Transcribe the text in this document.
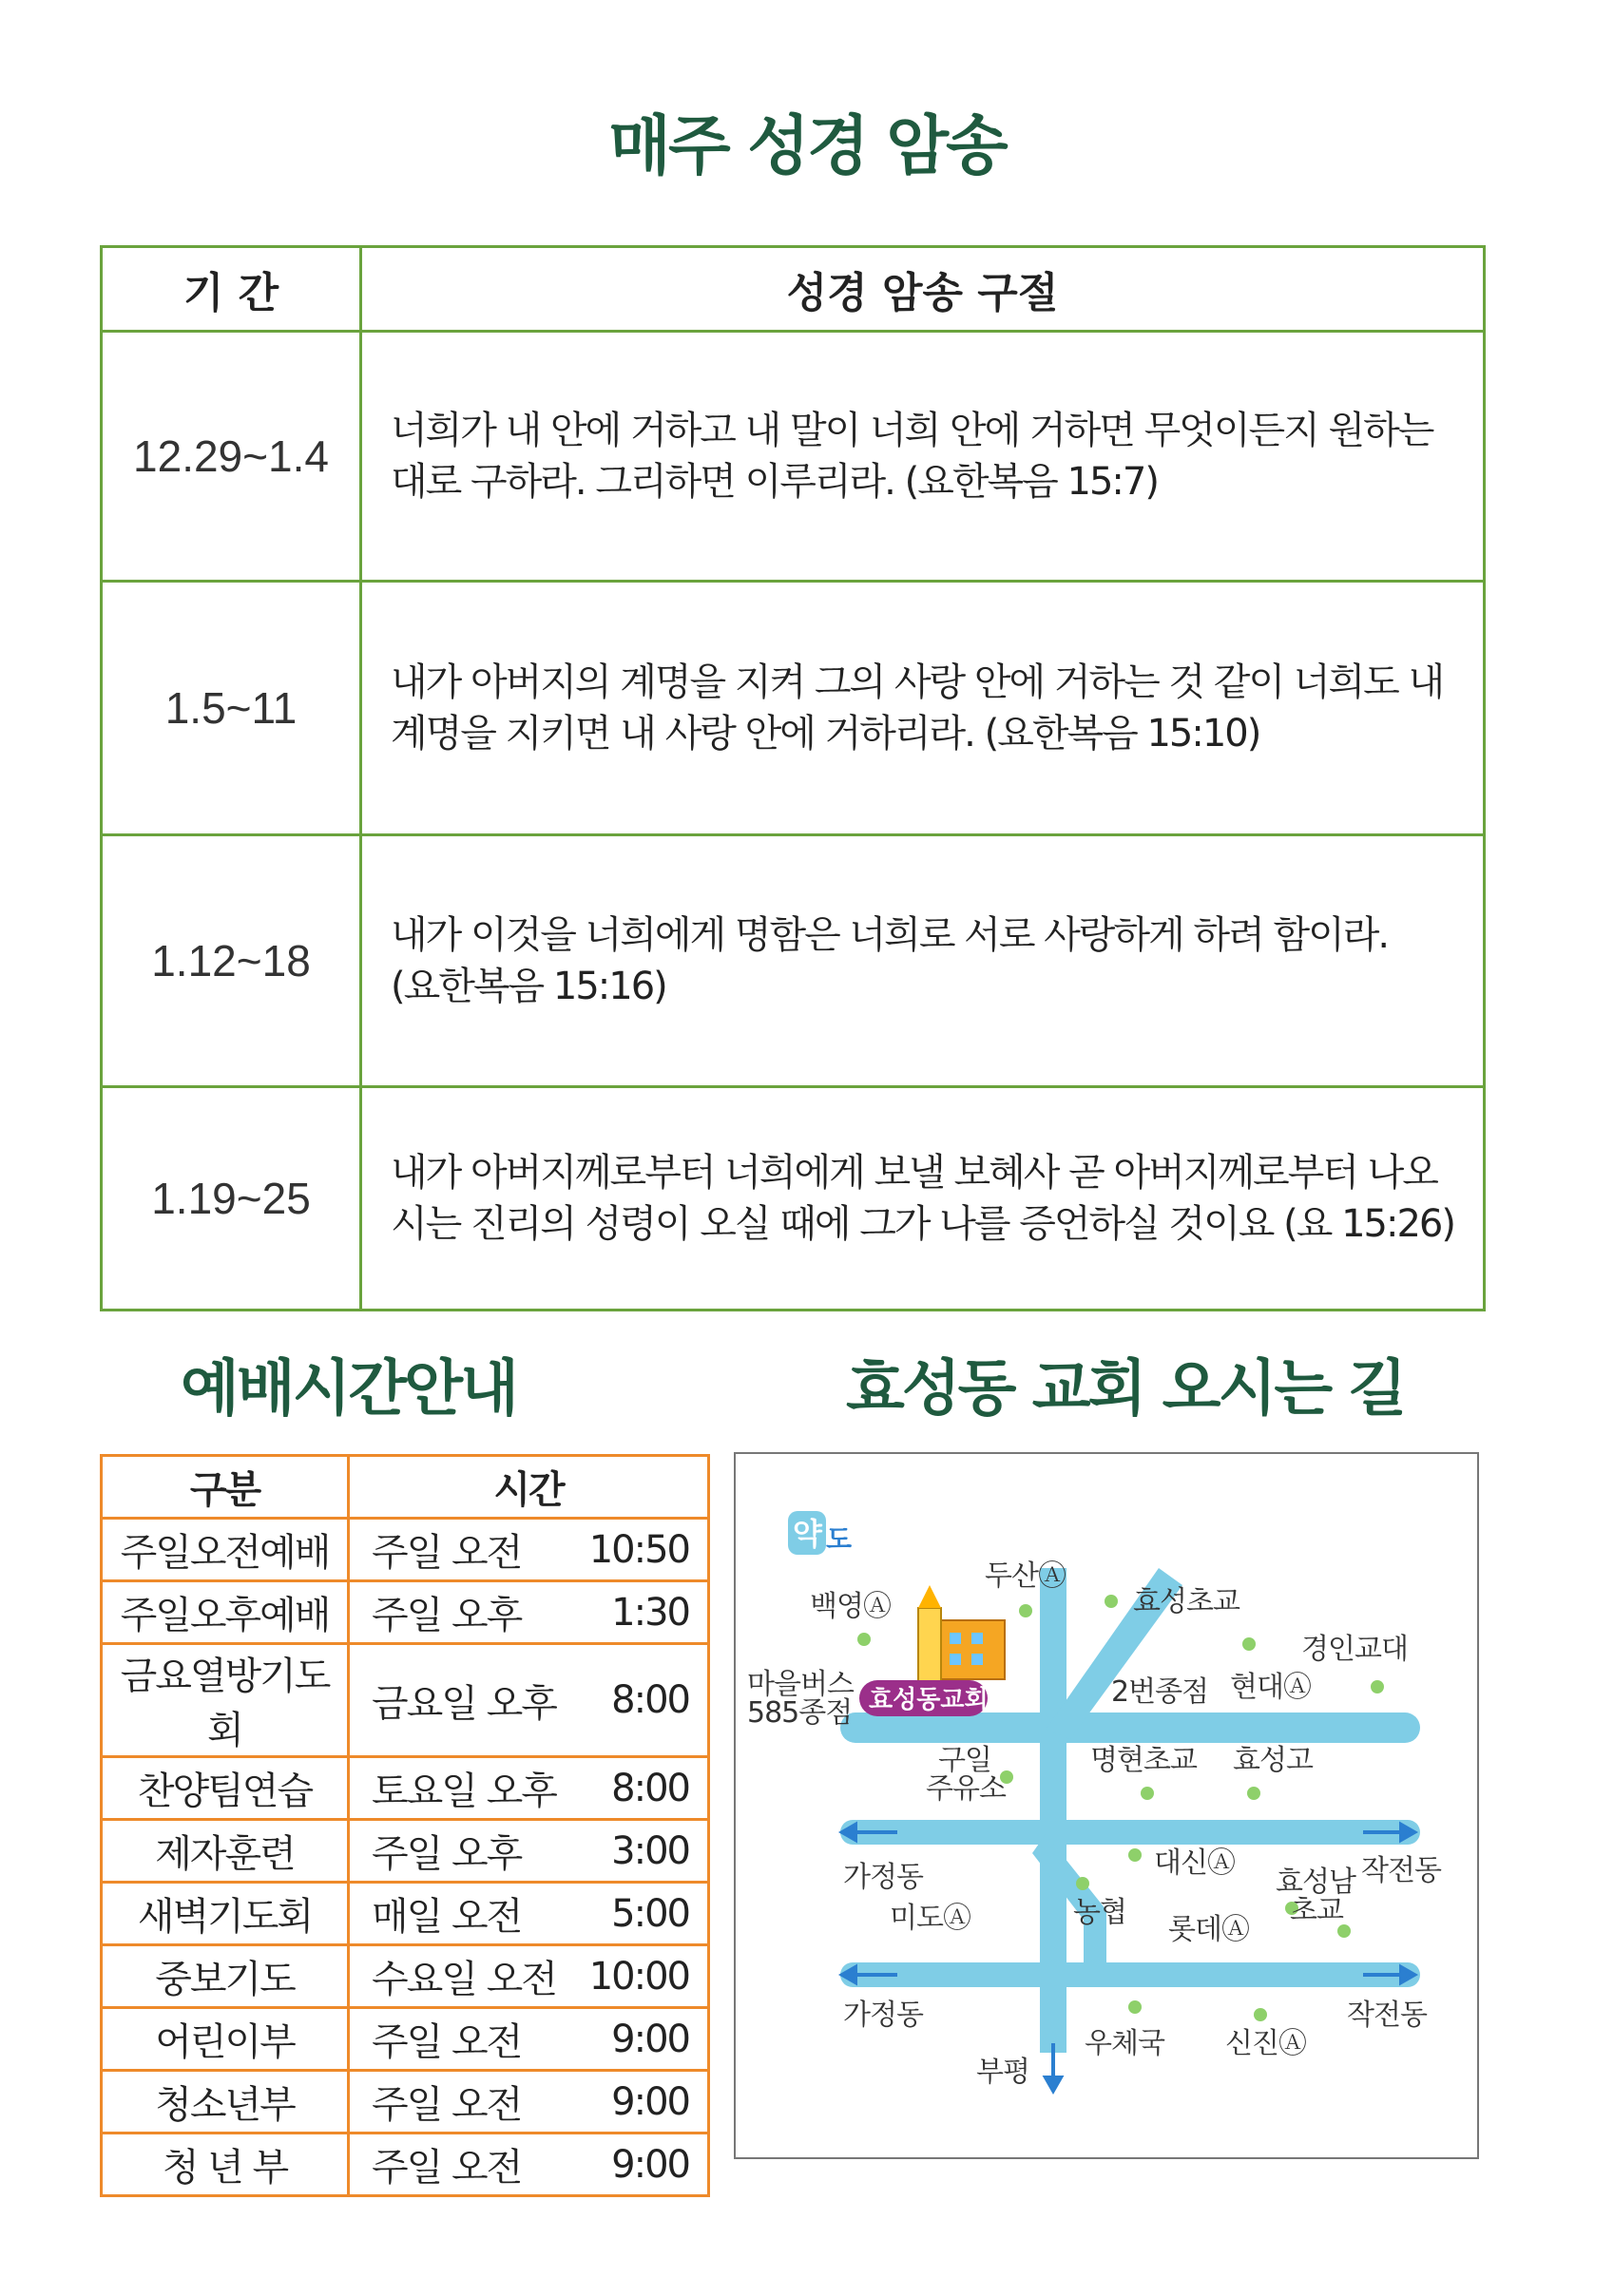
매주 성경 암송
기 간	성경 암송 구절
12.29~1.4	너희가 내 안에 거하고 내 말이 너희 안에 거하면 무엇이든지 원하는
대로 구하라. 그리하면 이루리라. (요한복음 15:7)

1.5~11	내가 아버지의 계명을 지켜 그의 사랑 안에 거하는 것 같이 너희도 내
계명을 지키면 내 사랑 안에 거하리라. (요한복음 15:10)

1.12~18	내가 이것을 너희에게 명함은 너희로 서로 사랑하게 하려 함이라.
(요한복음 15:16)

1.19~25	내가 아버지께로부터 너희에게 보낼 보혜사 곧 아버지께로부터 나오
시는 진리의 성령이 오실 때에 그가 나를 증언하실 것이요 (요 15:26)
예배시간안내	효성동 교회 오시는 길
구분	시간
주일오전예배	주일 오전 10:50

주일오후예배	주일 오후 1:30

금요열방기도회	금요일 오후 8:00

찬양팀연습	토요일 오후 8:00

제자훈련	주일 오후 3:00

새벽기도회	매일 오전 5:00

중보기도	수요일 오전 10:00

어린이부	주일 오전 9:00

청소년부	주일 오전 9:00

청 년 부	주일 오전 9:00
약 도
효성동교회
두산Ⓐ
효성초교
백영Ⓐ
경인교대
마을버스
585종점
2번종점 현대Ⓐ
구일
주유소
명현초교 효성고
가정동	대신Ⓐ
효성남
초교
작전동
미도Ⓐ	농협
롯데Ⓐ
가정동	작전동
우체국 신진Ⓐ
부평
